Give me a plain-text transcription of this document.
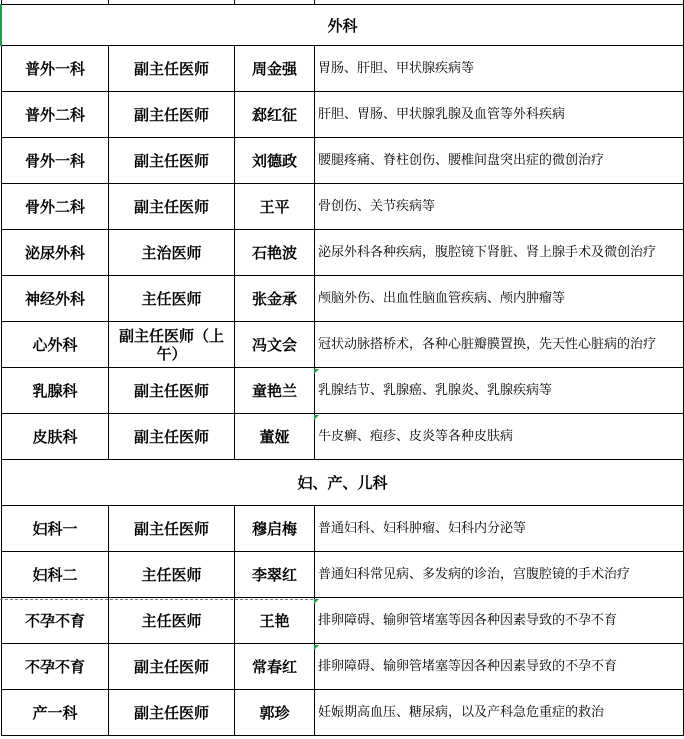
外科			
普外一科	副主任医师	周金强	胃肠、肝胆、甲状腺疾病等
普外二科	副主任医师	郄红征	肝胆、胃肠、甲状腺乳腺及血管等外科疾病
骨外一科	副主任医师	刘德政	腰腿疼痛、脊柱创伤、腰椎间盘突出症的微创治疗
骨外二科	副主任医师	王平	骨创伤、关节疾病等
泌尿外科	主治医师	石艳波	泌尿外科各种疾病，腹腔镜下肾脏、肾上腺手术及微创治疗
神经外科	主任医师	张金承	颅脑外伤、出血性脑血管疾病、颅内肿瘤等
心外科	副主任医师（上午）	冯文会	冠状动脉搭桥术，各种心脏瓣膜置换，先天性心脏病的治疗
乳腺科	副主任医师	童艳兰	乳腺结节、乳腺癌、乳腺炎、乳腺疾病等
皮肤科	副主任医师	董娅	牛皮癣、疱疹、皮炎等各种皮肤病
妇、产、儿科			
妇科一	副主任医师	穆启梅	普通妇科、妇科肿瘤、妇科内分泌等
妇科二	主任医师	李翠红	普通妇科常见病、多发病的诊治，宫腹腔镜的手术治疗
不孕不育	主任医师	王艳	排卵障碍、输卵管堵塞等因各种因素导致的不孕不育
不孕不育	副主任医师	常春红	排卵障碍、输卵管堵塞等因各种因素导致的不孕不育
产一科	副主任医师	郭珍	妊娠期高血压、糖尿病，以及产科急危重症的救治
